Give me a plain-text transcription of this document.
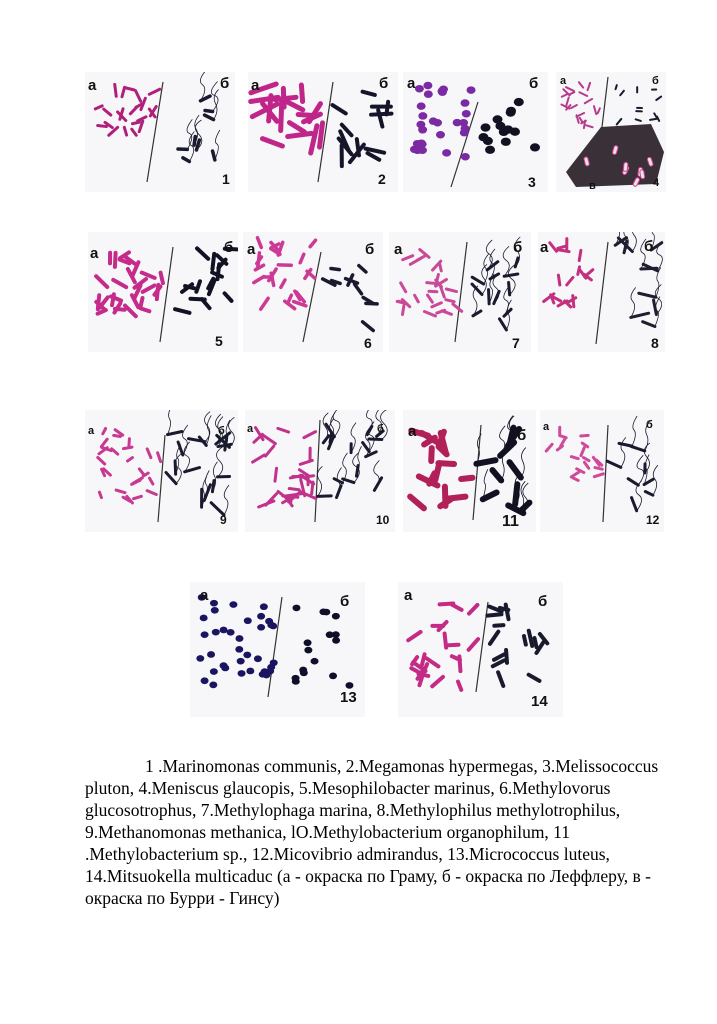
а	б
1
а	б
2
а	б
3
а	б
в	4
а	б
5
а	б
6
а	б
7
а	б
8
а	б
9
а	б
10
а	б
11
а	б
12
а	б
13
а	б
14

1 .Marinomonas communis, 2.Megamonas hypermegas, 3.Melissococcus pluton, 4.Meniscus glaucopis, 5.Mesophilobacter marinus, 6.Methylovorus glucosotrophus, 7.Methylophaga marina, 8.Methylophilus methylotrophilus, 9.Methanomonas methanica, lO.Methylobacterium organophilum, 11 .Methylobacterium sp., 12.Micovibrio admirandus, 13.Micrococcus luteus, 14.Mitsuokella multicaduc (а - окраска по Граму, б - окраска по Леффлеру, в - окраска по Бурри - Гинсу)
